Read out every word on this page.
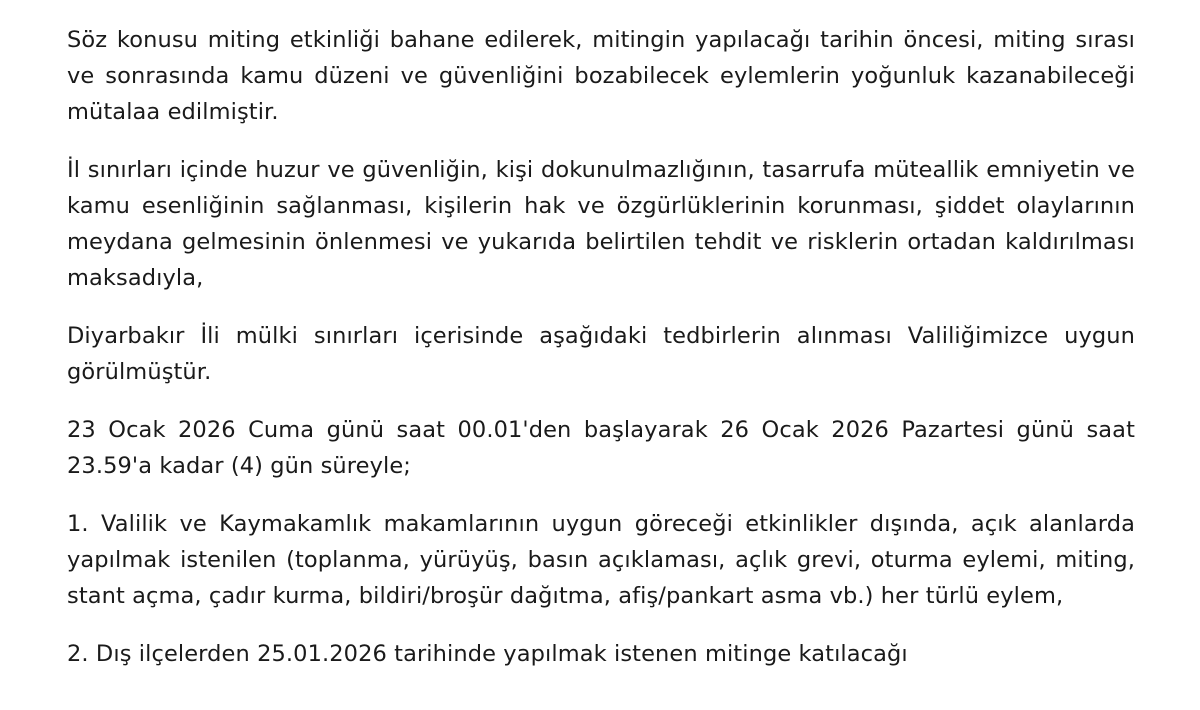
Söz konusu miting etkinliği bahane edilerek, mitingin yapılacağı tarihin öncesi, miting sırası ve sonrasında kamu düzeni ve güvenliğini bozabilecek eylemlerin yoğunluk kazanabileceği mütalaa edilmiştir.

İl sınırları içinde huzur ve güvenliğin, kişi dokunulmazlığının, tasarrufa müteallik emniyetin ve kamu esenliğinin sağlanması, kişilerin hak ve özgürlüklerinin korunması, şiddet olaylarının meydana gelmesinin önlenmesi ve yukarıda belirtilen tehdit ve risklerin ortadan kaldırılması maksadıyla,

Diyarbakır İli mülki sınırları içerisinde aşağıdaki tedbirlerin alınması Valiliğimizce uygun görülmüştür.

23 Ocak 2026 Cuma günü saat 00.01'den başlayarak 26 Ocak 2026 Pazartesi günü saat 23.59'a kadar (4) gün süreyle;

1. Valilik ve Kaymakamlık makamlarının uygun göreceği etkinlikler dışında, açık alanlarda yapılmak istenilen (toplanma, yürüyüş, basın açıklaması, açlık grevi, oturma eylemi, miting, stant açma, çadır kurma, bildiri/broşür dağıtma, afiş/pankart asma vb.) her türlü eylem,

2. Dış ilçelerden 25.01.2026 tarihinde yapılmak istenen mitinge katılacağı
